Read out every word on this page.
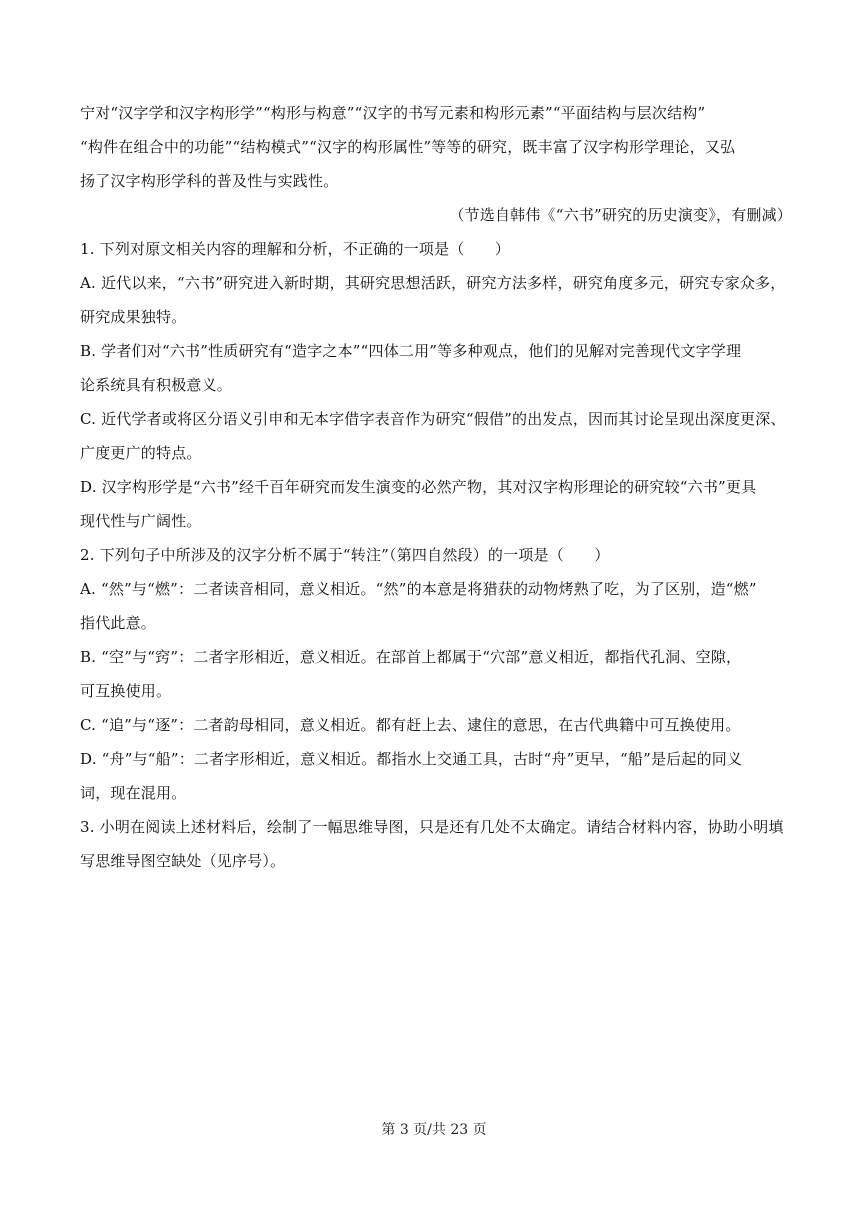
宁对“汉字学和汉字构形学”“构形与构意”“汉字的书写元素和构形元素”“平面结构与层次结构”
“构件在组合中的功能”“结构模式”“汉字的构形属性”等等的研究，既丰富了汉字构形学理论，又弘
扬了汉字构形学科的普及性与实践性。
（节选自韩伟《“六书”研究的历史演变》，有删减）
1. 下列对原文相关内容的理解和分析，不正确的一项是（　　）
A. 近代以来，“六书”研究进入新时期，其研究思想活跃，研究方法多样，研究角度多元，研究专家众多，
研究成果独特。
B. 学者们对“六书”性质研究有“造字之本”“四体二用”等多种观点，他们的见解对完善现代文字学理
论系统具有积极意义。
C. 近代学者或将区分语义引申和无本字借字表音作为研究“假借”的出发点，因而其讨论呈现出深度更深、
广度更广的特点。
D. 汉字构形学是“六书”经千百年研究而发生演变的必然产物，其对汉字构形理论的研究较“六书”更具
现代性与广阔性。
2. 下列句子中所涉及的汉字分析不属于“转注”（第四自然段）的一项是（　　）
A. “然”与“燃”：二者读音相同，意义相近。“然”的本意是将猎获的动物烤熟了吃，为了区别，造“燃”
指代此意。
B. “空”与“窍”：二者字形相近，意义相近。在部首上都属于“穴部”意义相近，都指代孔洞、空隙，
可互换使用。
C. “追”与“逐”：二者韵母相同，意义相近。都有赶上去、逮住的意思，在古代典籍中可互换使用。
D. “舟”与“船”：二者字形相近，意义相近。都指水上交通工具，古时“舟”更早，“船”是后起的同义
词，现在混用。
3. 小明在阅读上述材料后，绘制了一幅思维导图，只是还有几处不太确定。请结合材料内容，协助小明填
写思维导图空缺处（见序号）。
第 3 页/共 23 页
